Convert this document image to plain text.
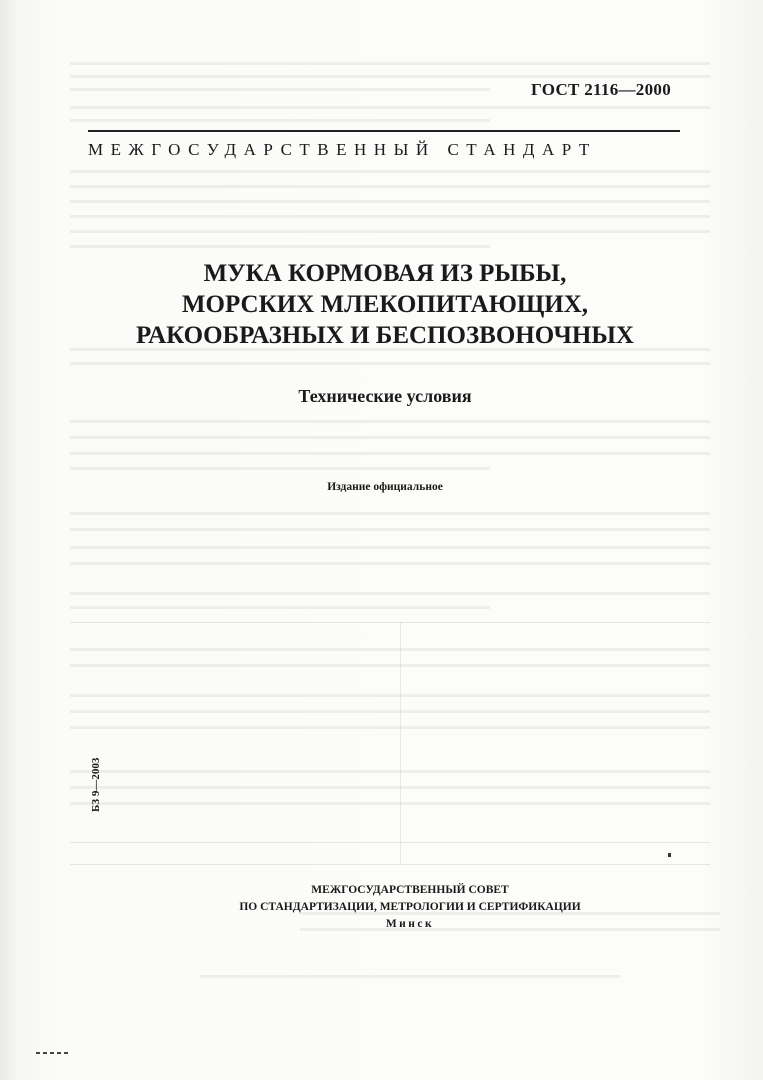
ГОСТ 2116—2000
МЕЖГОСУДАРСТВЕННЫЙ СТАНДАРТ
МУКА КОРМОВАЯ ИЗ РЫБЫ,
МОРСКИХ МЛЕКОПИТАЮЩИХ,
РАКООБРАЗНЫХ И БЕСПОЗВОНОЧНЫХ
Технические условия
Издание официальное
БЗ 9—2003
МЕЖГОСУДАРСТВЕННЫЙ СОВЕТ
ПО СТАНДАРТИЗАЦИИ, МЕТРОЛОГИИ И СЕРТИФИКАЦИИ
Минск
